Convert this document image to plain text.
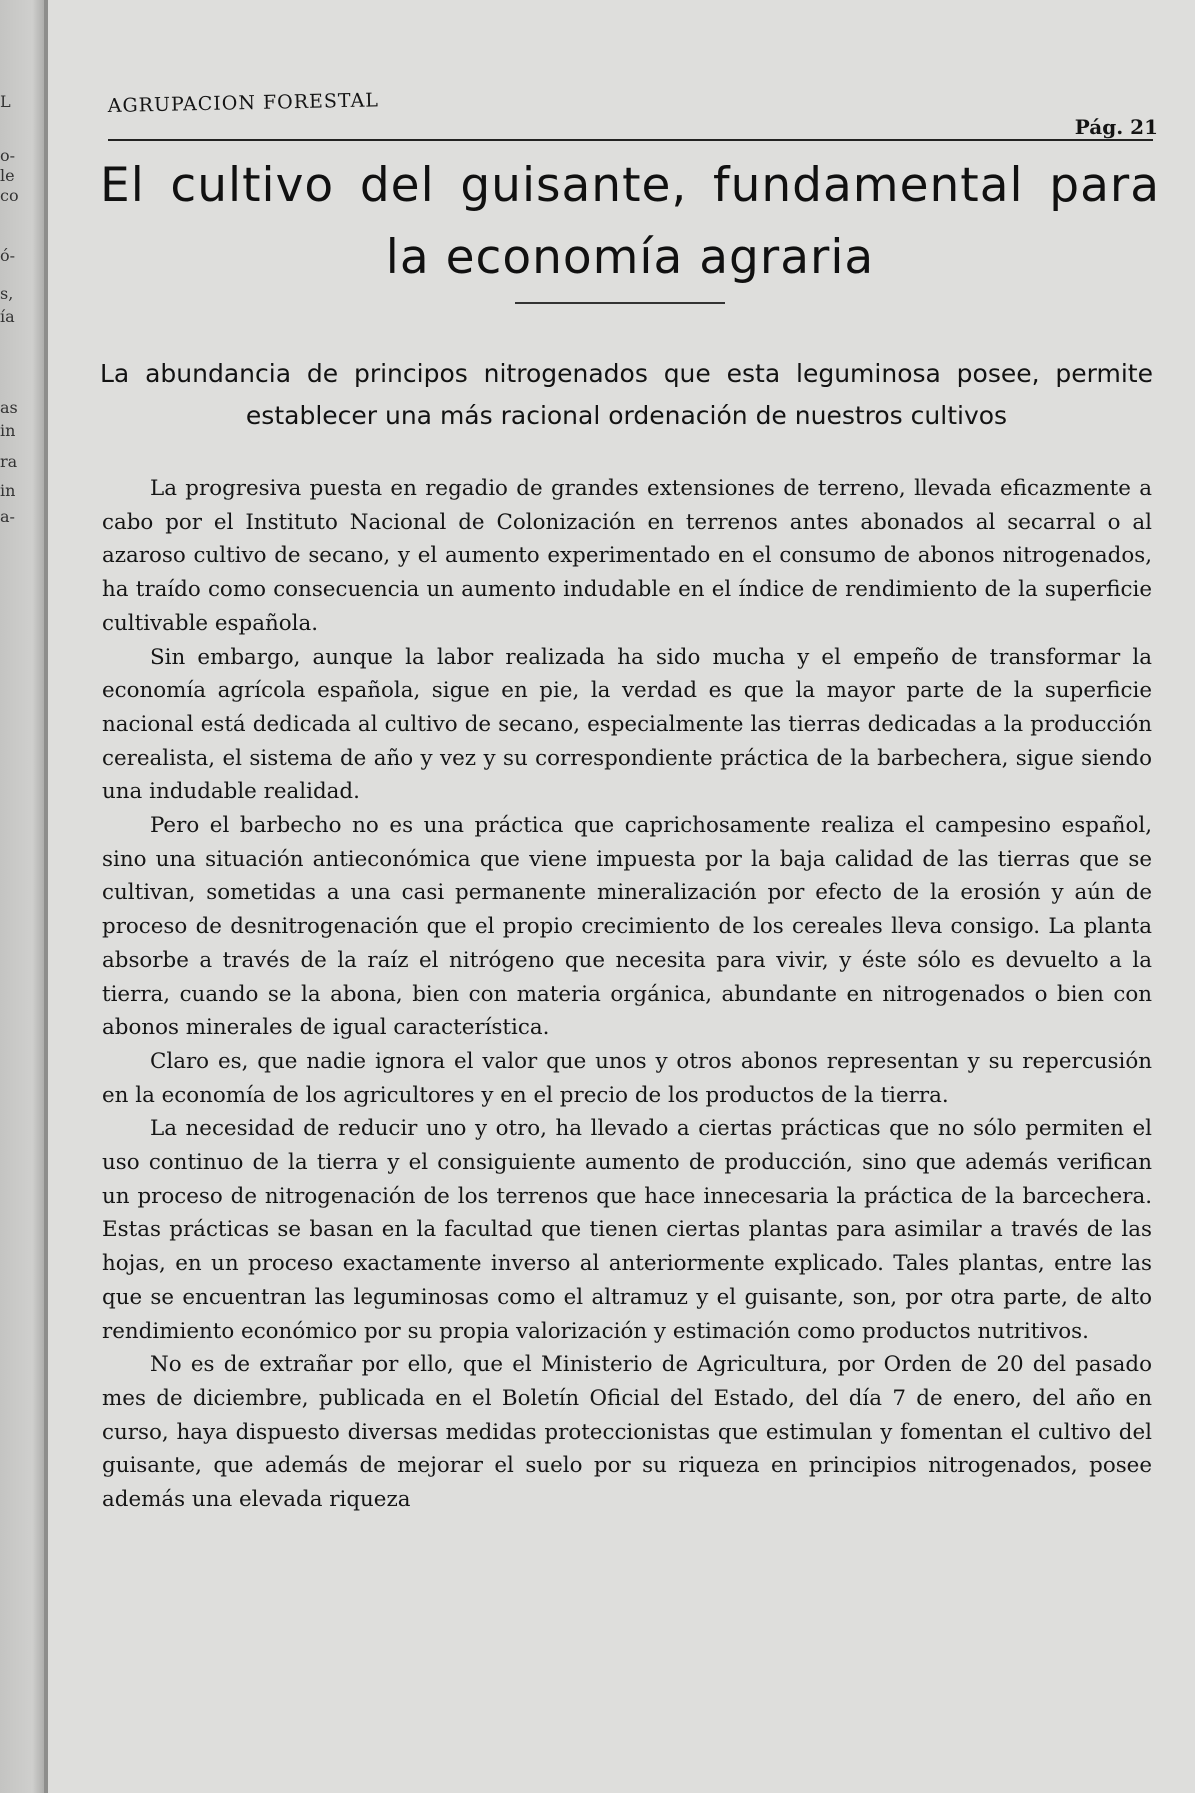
L
o-
le
co
ó-
s,
ía
as
in
ra
in
a-
AGRUPACION FORESTAL
Pág. 21
El cultivo del guisante, fundamental para
la economía agraria
La abundancia de principos nitrogenados que esta leguminosa posee, permite
establecer una más racional ordenación de nuestros cultivos

La progresiva puesta en regadio de grandes extensiones de terreno, llevada eficazmente a cabo por el Instituto Nacional de Colonización en terrenos antes abonados al secarral o al azaroso cultivo de secano, y el aumento experimentado en el consumo de abonos nitrogenados, ha traído como consecuencia un aumento indudable en el índice de rendimiento de la superficie cultivable española.

Sin embargo, aunque la labor realizada ha sido mucha y el empeño de transformar la economía agrícola española, sigue en pie, la verdad es que la mayor parte de la superficie nacional está dedicada al cultivo de secano, especialmente las tierras dedicadas a la producción cerealista, el sistema de año y vez y su correspondiente práctica de la barbechera, sigue siendo una indudable realidad.

Pero el barbecho no es una práctica que caprichosamente realiza el campesino español, sino una situación antieconómica que viene impuesta por la baja calidad de las tierras que se cultivan, sometidas a una casi permanente mineralización por efecto de la erosión y aún de proceso de desnitrogenación que el propio crecimiento de los cereales lleva consigo. La planta absorbe a través de la raíz el nitrógeno que necesita para vivir, y éste sólo es devuelto a la tierra, cuando se la abona, bien con materia orgánica, abundante en nitrogenados o bien con abonos minerales de igual característica.

Claro es, que nadie ignora el valor que unos y otros abonos representan y su repercusión en la economía de los agricultores y en el precio de los productos de la tierra.

La necesidad de reducir uno y otro, ha llevado a ciertas prácticas que no sólo permiten el uso continuo de la tierra y el consiguiente aumento de producción, sino que además verifican un proceso de nitrogenación de los terrenos que hace innecesaria la práctica de la barcechera. Estas prácticas se basan en la facultad que tienen ciertas plantas para asimilar a través de las hojas, en un proceso exactamente inverso al anteriormente explicado. Tales plantas, entre las que se encuentran las leguminosas como el altramuz y el guisante, son, por otra parte, de alto rendimiento económico por su propia valorización y estimación como productos nutritivos.

No es de extrañar por ello, que el Ministerio de Agricultura, por Orden de 20 del pasado mes de diciembre, publicada en el Boletín Oficial del Estado, del día 7 de enero, del año en curso, haya dispuesto diversas medidas proteccionistas que estimulan y fomentan el cultivo del guisante, que además de mejorar el suelo por su riqueza en principios nitrogenados, posee además una elevada riqueza
